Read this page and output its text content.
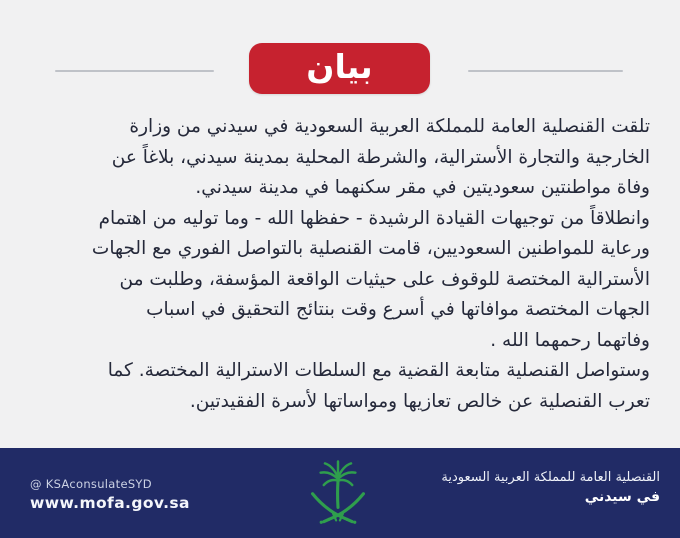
بيان

تلقت القنصلية العامة للمملكة العربية السعودية في سيدني من وزارة
الخارجية والتجارة الأسترالية، والشرطة المحلية بمدينة سيدني، بلاغاً عن
وفاة مواطنتين سعوديتين في مقر سكنهما في مدينة سيدني.

وانطلاقاً من توجيهات القيادة الرشيدة - حفظها الله - وما توليه من اهتمام
ورعاية للمواطنين السعوديين، قامت القنصلية بالتواصل الفوري مع الجهات
الأسترالية المختصة للوقوف على حيثيات الواقعة المؤسفة، وطلبت من
الجهات المختصة موافاتها في أسرع وقت بنتائج التحقيق في اسباب
وفاتهما رحمهما الله .

وستواصل القنصلية متابعة القضية مع السلطات الاسترالية المختصة. كما
تعرب القنصلية عن خالص تعازيها ومواساتها لأسرة الفقيدتين.

@ KSAconsulateSYD
www.mofa.gov.sa
القنصلية العامة للمملكة العربية السعودية
في سيدني
